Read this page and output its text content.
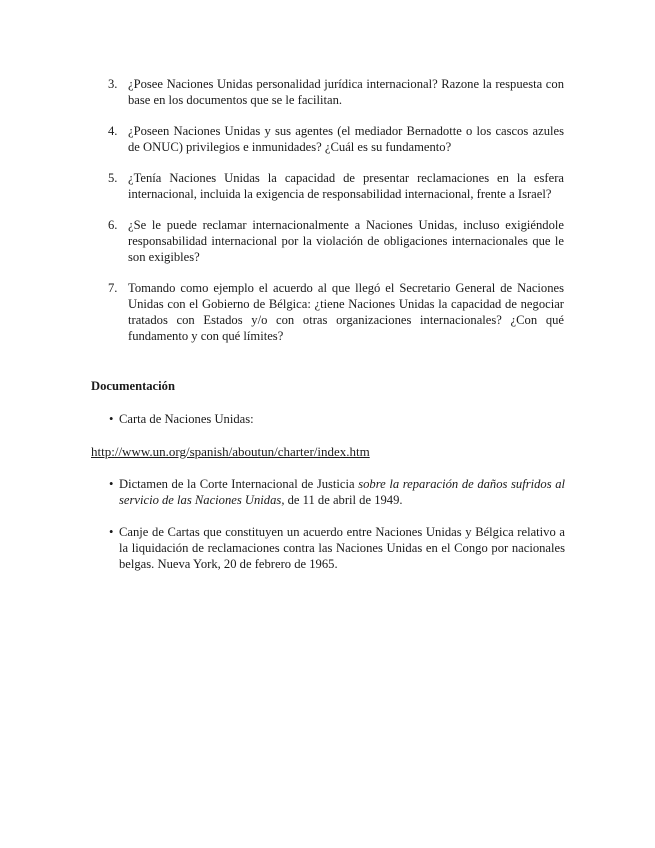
3. ¿Posee Naciones Unidas personalidad jurídica internacional? Razone la respuesta con base en los documentos que se le facilitan.
4. ¿Poseen Naciones Unidas y sus agentes (el mediador Bernadotte o los cascos azules de ONUC) privilegios e inmunidades? ¿Cuál es su fundamento?
5. ¿Tenía Naciones Unidas la capacidad de presentar reclamaciones en la esfera internacional, incluida la exigencia de responsabilidad internacional, frente a Israel?
6. ¿Se le puede reclamar internacionalmente a Naciones Unidas, incluso exigiéndole responsabilidad internacional por la violación de obligaciones internacionales que le son exigibles?
7. Tomando como ejemplo el acuerdo al que llegó el Secretario General de Naciones Unidas con el Gobierno de Bélgica: ¿tiene Naciones Unidas la capacidad de negociar tratados con Estados y/o con otras organizaciones internacionales? ¿Con qué fundamento y con qué límites?
Documentación
• Carta de Naciones Unidas:
http://www.un.org/spanish/aboutun/charter/index.htm
• Dictamen de la Corte Internacional de Justicia sobre la reparación de daños sufridos al servicio de las Naciones Unidas, de 11 de abril de 1949.
• Canje de Cartas que constituyen un acuerdo entre Naciones Unidas y Bélgica relativo a la liquidación de reclamaciones contra las Naciones Unidas en el Congo por nacionales belgas. Nueva York, 20 de febrero de 1965.
